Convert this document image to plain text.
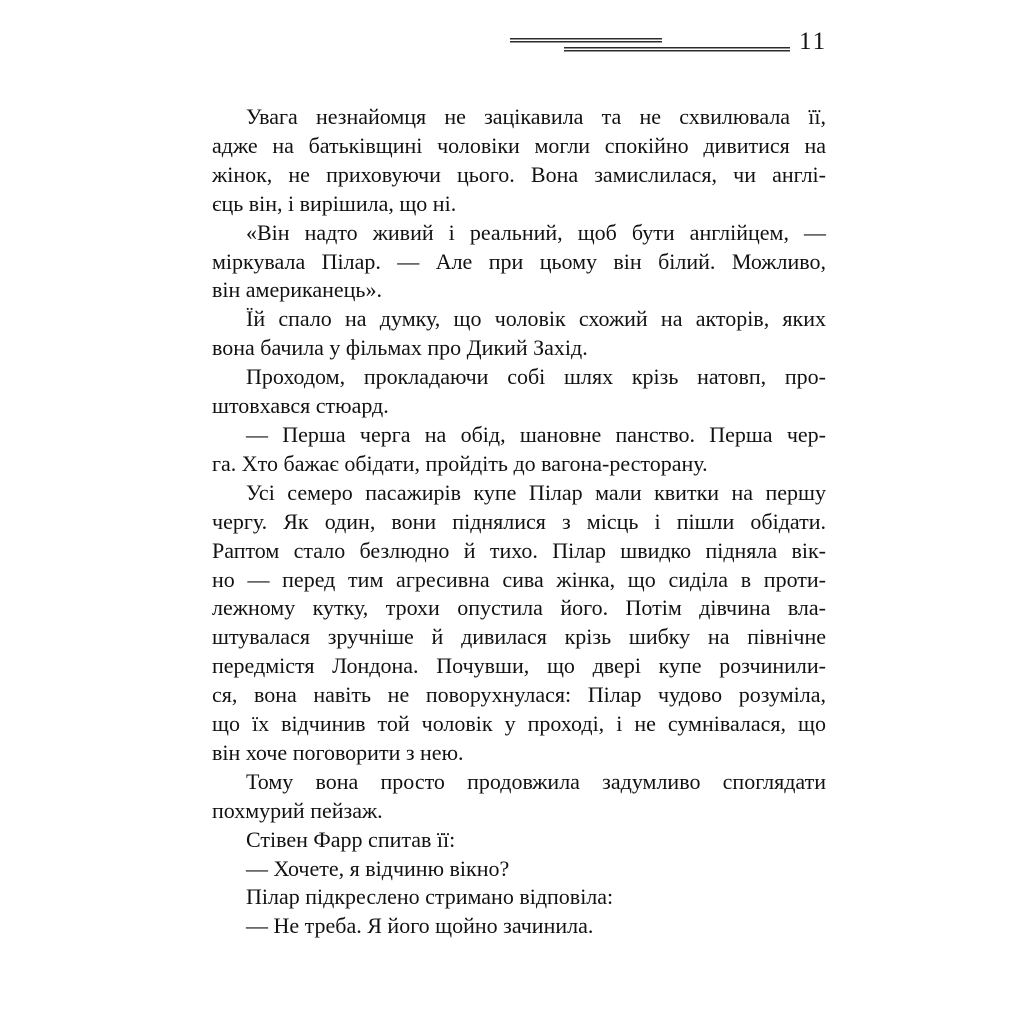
11
Увага незнайомця не зацікавила та не схвилювала її,
адже на батьківщині чоловіки могли спокійно дивитися на
жінок, не приховуючи цього. Вона замислилася, чи англі-
єць він, і вирішила, що ні.
«Він надто живий і реальний, щоб бути англійцем, —
міркувала Пілар. — Але при цьому він білий. Можливо,
він американець».
Їй спало на думку, що чоловік схожий на акторів, яких
вона бачила у фільмах про Дикий Захід.
Проходом, прокладаючи собі шлях крізь натовп, про-
штовхався стюард.
— Перша черга на обід, шановне панство. Перша чер-
га. Хто бажає обідати, пройдіть до вагона-ресторану.
Усі семеро пасажирів купе Пілар мали квитки на першу
чергу. Як один, вони піднялися з місць і пішли обідати.
Раптом стало безлюдно й тихо. Пілар швидко підняла вік-
но — перед тим агресивна сива жінка, що сиділа в проти-
лежному кутку, трохи опустила його. Потім дівчина вла-
штувалася зручніше й дивилася крізь шибку на північне
передмістя Лондона. Почувши, що двері купе розчинили-
ся, вона навіть не поворухнулася: Пілар чудово розуміла,
що їх відчинив той чоловік у проході, і не сумнівалася, що
він хоче поговорити з нею.
Тому вона просто продовжила задумливо споглядати
похмурий пейзаж.
Стівен Фарр спитав її:
— Хочете, я відчиню вікно?
Пілар підкреслено стримано відповіла:
— Не треба. Я його щойно зачинила.
